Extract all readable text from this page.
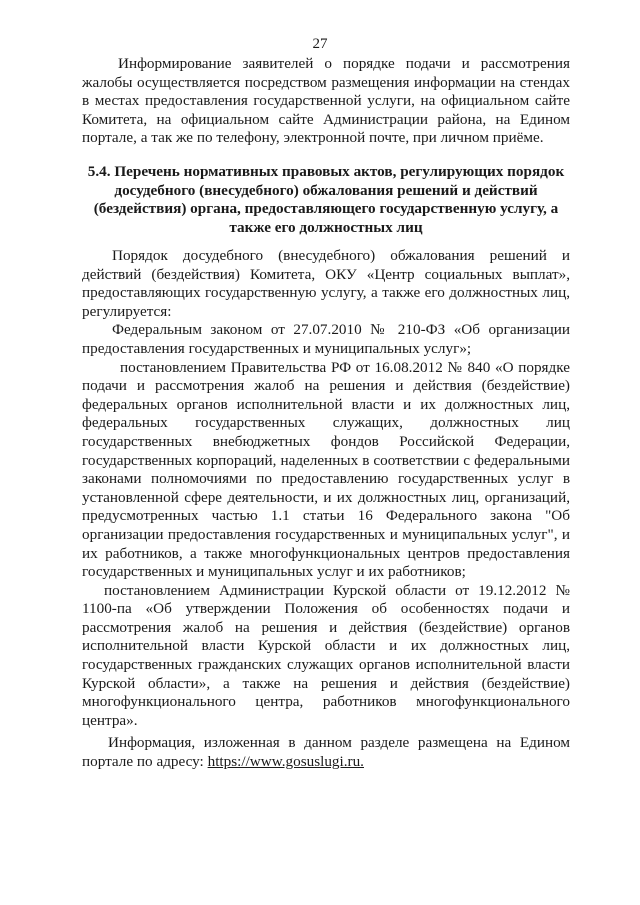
27

Информирование заявителей о порядке подачи и рассмотрения жалобы осуществляется посредством размещения информации на стендах в местах предоставления государственной услуги, на официальном сайте Комитета, на официальном сайте Администрации района, на Едином портале, а так же по телефону, электронной почте, при личном приёме.

5.4. Перечень нормативных правовых актов, регулирующих порядок досудебного (внесудебного) обжалования решений и действий (бездействия) органа, предоставляющего государственную услугу, а также его должностных лиц

Порядок досудебного (внесудебного) обжалования решений и действий (бездействия) Комитета, ОКУ «Центр социальных выплат», предоставляющих государственную услугу, а также его должностных лиц, регулируется:

Федеральным законом от 27.07.2010 № 210-ФЗ «Об организации предоставления государственных и муниципальных услуг»;

постановлением Правительства РФ от 16.08.2012 № 840 «О порядке подачи и рассмотрения жалоб на решения и действия (бездействие) федеральных органов исполнительной власти и их должностных лиц, федеральных государственных служащих, должностных лиц государственных внебюджетных фондов Российской Федерации, государственных корпораций, наделенных в соответствии с федеральными законами полномочиями по предоставлению государственных услуг в установленной сфере деятельности, и их должностных лиц, организаций, предусмотренных частью 1.1 статьи 16 Федерального закона "Об организации предоставления государственных и муниципальных услуг", и их работников, а также многофункциональных центров предоставления государственных и муниципальных услуг и их работников;

постановлением Администрации Курской области от 19.12.2012 № 1100-па «Об утверждении Положения об особенностях подачи и рассмотрения жалоб на решения и действия (бездействие) органов исполнительной власти Курской области и их должностных лиц, государственных гражданских служащих органов исполнительной власти Курской области», а также на решения и действия (бездействие) многофункционального центра, работников многофункционального центра».

Информация, изложенная в данном разделе размещена на Едином портале по адресу: https://www.gosuslugi.ru.
